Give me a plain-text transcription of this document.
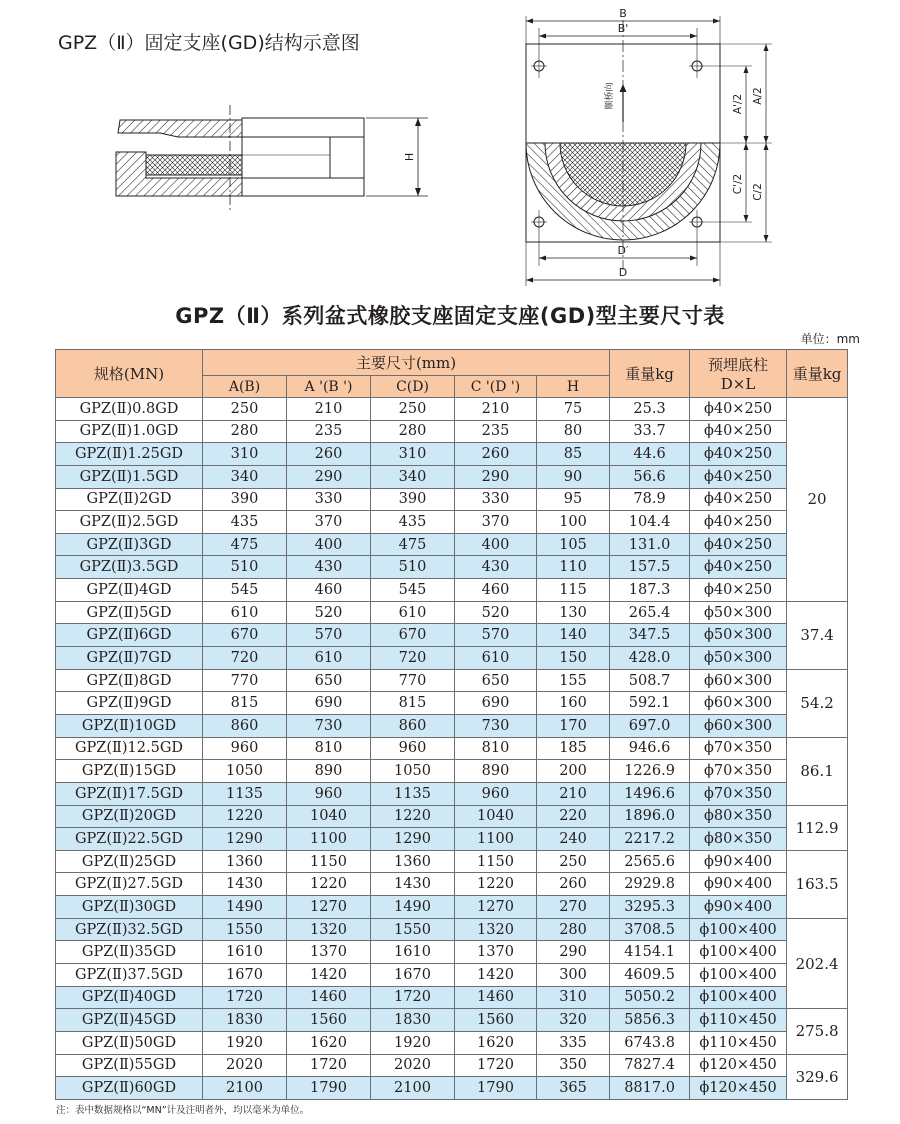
GPZ（Ⅱ）固定支座(GD)结构示意图
H
B
B'
D′
D
A'/2 A/2
C'/2 C/2
顺桥向
GPZ（Ⅱ）系列盆式橡胶支座固定支座(GD)型主要尺寸表
单位：mm
规格(MN)	主要尺寸(mm)					重量kg	预埋底柱
D×L	重量kg
	A(B)	A '(B ')	C(D)	C '(D ')	H			
GPZ(Ⅱ)0.8GD	250	210	250	210	75	25.3	ϕ40×250	20
GPZ(Ⅱ)1.0GD	280	235	280	235	80	33.7	ϕ40×250	
GPZ(Ⅱ)1.25GD	310	260	310	260	85	44.6	ϕ40×250	
GPZ(Ⅱ)1.5GD	340	290	340	290	90	56.6	ϕ40×250	
GPZ(Ⅱ)2GD	390	330	390	330	95	78.9	ϕ40×250	
GPZ(Ⅱ)2.5GD	435	370	435	370	100	104.4	ϕ40×250	
GPZ(Ⅱ)3GD	475	400	475	400	105	131.0	ϕ40×250	
GPZ(Ⅱ)3.5GD	510	430	510	430	110	157.5	ϕ40×250	
GPZ(Ⅱ)4GD	545	460	545	460	115	187.3	ϕ40×250	
GPZ(Ⅱ)5GD	610	520	610	520	130	265.4	ϕ50×300	37.4
GPZ(Ⅱ)6GD	670	570	670	570	140	347.5	ϕ50×300	
GPZ(Ⅱ)7GD	720	610	720	610	150	428.0	ϕ50×300	
GPZ(Ⅱ)8GD	770	650	770	650	155	508.7	ϕ60×300	54.2
GPZ(Ⅱ)9GD	815	690	815	690	160	592.1	ϕ60×300	
GPZ(Ⅱ)10GD	860	730	860	730	170	697.0	ϕ60×300	
GPZ(Ⅱ)12.5GD	960	810	960	810	185	946.6	ϕ70×350	86.1
GPZ(Ⅱ)15GD	1050	890	1050	890	200	1226.9	ϕ70×350	
GPZ(Ⅱ)17.5GD	1135	960	1135	960	210	1496.6	ϕ70×350	
GPZ(Ⅱ)20GD	1220	1040	1220	1040	220	1896.0	ϕ80×350	112.9
GPZ(Ⅱ)22.5GD	1290	1100	1290	1100	240	2217.2	ϕ80×350	
GPZ(Ⅱ)25GD	1360	1150	1360	1150	250	2565.6	ϕ90×400	163.5
GPZ(Ⅱ)27.5GD	1430	1220	1430	1220	260	2929.8	ϕ90×400	
GPZ(Ⅱ)30GD	1490	1270	1490	1270	270	3295.3	ϕ90×400	
GPZ(Ⅱ)32.5GD	1550	1320	1550	1320	280	3708.5	ϕ100×400	202.4
GPZ(Ⅱ)35GD	1610	1370	1610	1370	290	4154.1	ϕ100×400	
GPZ(Ⅱ)37.5GD	1670	1420	1670	1420	300	4609.5	ϕ100×400	
GPZ(Ⅱ)40GD	1720	1460	1720	1460	310	5050.2	ϕ100×400	
GPZ(Ⅱ)45GD	1830	1560	1830	1560	320	5856.3	ϕ110×450	275.8
GPZ(Ⅱ)50GD	1920	1620	1920	1620	335	6743.8	ϕ110×450	
GPZ(Ⅱ)55GD	2020	1720	2020	1720	350	7827.4	ϕ120×450	329.6
GPZ(Ⅱ)60GD	2100	1790	2100	1790	365	8817.0	ϕ120×450	
注：表中数据规格以“MN”计及注明者外，均以毫米为单位。
